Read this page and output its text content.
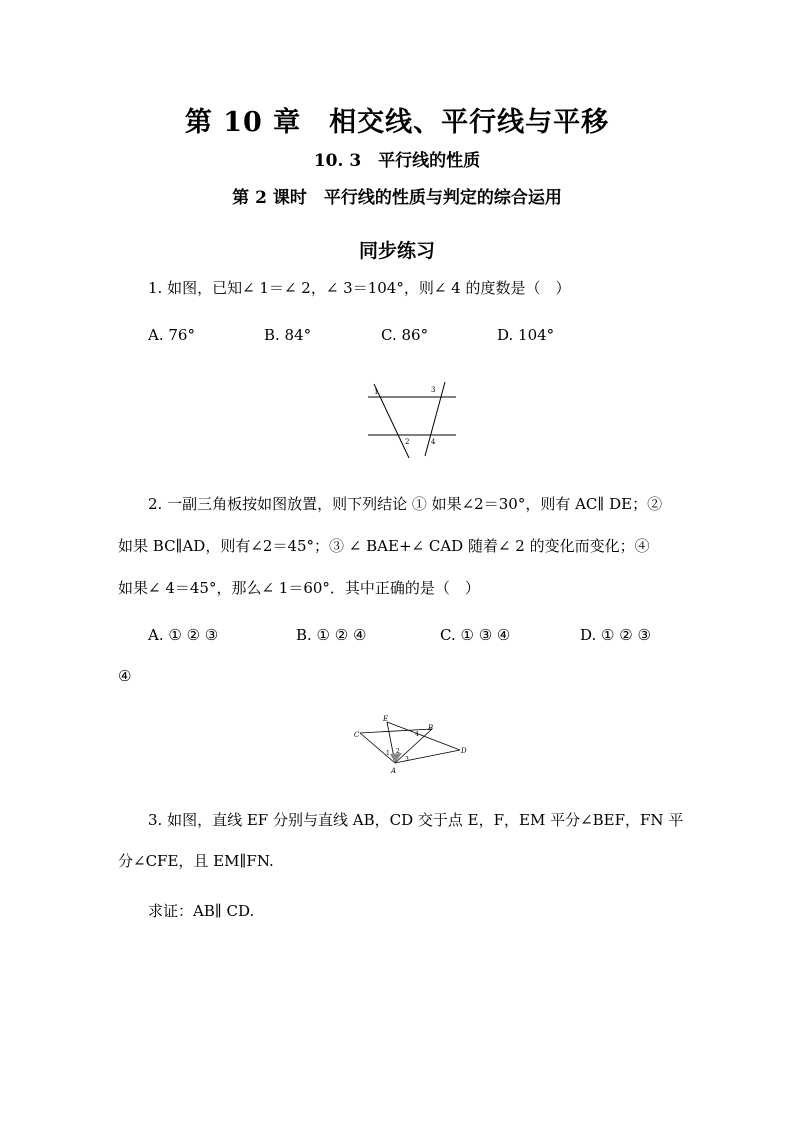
第 10 章　相交线、平行线与平移
10. 3　平行线的性质
第 2 课时　平行线的性质与判定的综合运用
同步练习
1. 如图，已知∠ 1＝∠ 2，∠ 3＝104°，则∠ 4 的度数是（　）
A. 76°	B. 84°	C. 86°	D. 104°
1	3
2	4
2. 一副三角板按如图放置，则下列结论 ① 如果∠2＝30°，则有 AC∥ DE；②
如果 BC∥AD，则有∠2＝45°；③ ∠ BAE+∠ CAD 随着∠ 2 的变化而变化；④
如果∠ 4＝45°，那么∠ 1＝60°．其中正确的是（　）
A. ① ② ③	B. ① ② ④	C. ① ③ ④	D. ① ② ③
④
E
B
C
D
A
1 2
3
4
3. 如图，直线 EF 分别与直线 AB，CD 交于点 E，F，EM 平分∠BEF，FN 平
分∠CFE，且 EM∥FN.
求证：AB∥ CD.
